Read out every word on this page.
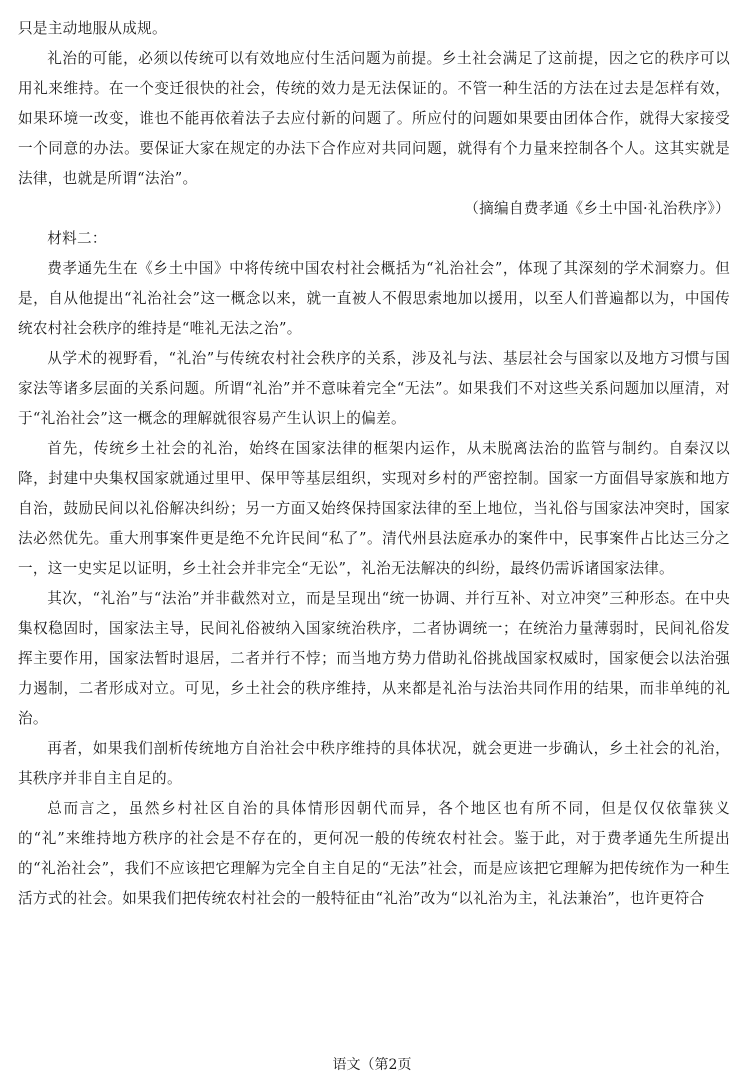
只是主动地服从成规。

礼治的可能，必须以传统可以有效地应付生活问题为前提。乡土社会满足了这前提，因之它的秩序可以用礼来维持。在一个变迁很快的社会，传统的效力是无法保证的。不管一种生活的方法在过去是怎样有效，如果环境一改变，谁也不能再依着法子去应付新的问题了。所应付的问题如果要由团体合作，就得大家接受一个同意的办法。要保证大家在规定的办法下合作应对共同问题，就得有个力量来控制各个人。这其实就是法律，也就是所谓“法治”。

（摘编自费孝通《乡土中国·礼治秩序》）

材料二：

费孝通先生在《乡土中国》中将传统中国农村社会概括为“礼治社会”，体现了其深刻的学术洞察力。但是，自从他提出“礼治社会”这一概念以来，就一直被人不假思索地加以援用，以至人们普遍都以为，中国传统农村社会秩序的维持是“唯礼无法之治”。

从学术的视野看，“礼治”与传统农村社会秩序的关系，涉及礼与法、基层社会与国家以及地方习惯与国家法等诸多层面的关系问题。所谓“礼治”并不意味着完全“无法”。如果我们不对这些关系问题加以厘清，对于“礼治社会”这一概念的理解就很容易产生认识上的偏差。

首先，传统乡土社会的礼治，始终在国家法律的框架内运作，从未脱离法治的监管与制约。自秦汉以降，封建中央集权国家就通过里甲、保甲等基层组织，实现对乡村的严密控制。国家一方面倡导家族和地方自治，鼓励民间以礼俗解决纠纷；另一方面又始终保持国家法律的至上地位，当礼俗与国家法冲突时，国家法必然优先。重大刑事案件更是绝不允许民间“私了”。清代州县法庭承办的案件中，民事案件占比达三分之一，这一史实足以证明，乡土社会并非完全“无讼”，礼治无法解决的纠纷，最终仍需诉诸国家法律。

其次，“礼治”与“法治”并非截然对立，而是呈现出“统一协调、并行互补、对立冲突”三种形态。在中央集权稳固时，国家法主导，民间礼俗被纳入国家统治秩序，二者协调统一；在统治力量薄弱时，民间礼俗发挥主要作用，国家法暂时退居，二者并行不悖；而当地方势力借助礼俗挑战国家权威时，国家便会以法治强力遏制，二者形成对立。可见，乡土社会的秩序维持，从来都是礼治与法治共同作用的结果，而非单纯的礼治。

再者，如果我们剖析传统地方自治社会中秩序维持的具体状况，就会更进一步确认，乡土社会的礼治，其秩序并非自主自足的。

总而言之，虽然乡村社区自治的具体情形因朝代而异，各个地区也有所不同，但是仅仅依靠狭义的“礼”来维持地方秩序的社会是不存在的，更何况一般的传统农村社会。鉴于此，对于费孝通先生所提出的“礼治社会”，我们不应该把它理解为完全自主自足的“无法”社会，而是应该把它理解为把传统作为一种生活方式的社会。如果我们把传统农村社会的一般特征由“礼治”改为“以礼治为主，礼法兼治”，也许更符合

语文（第2页
